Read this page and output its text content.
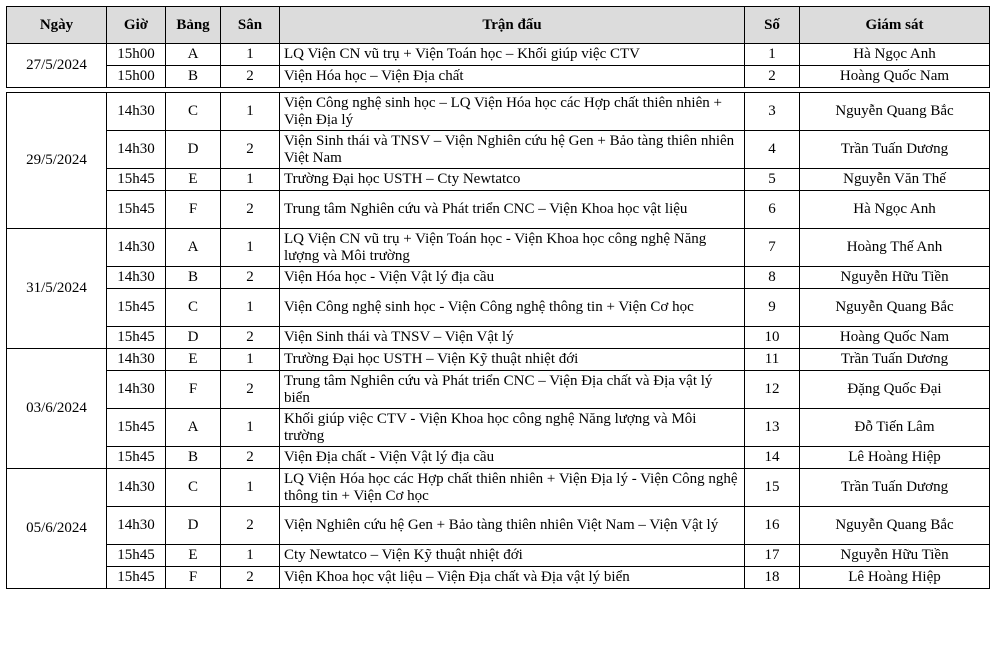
Ngày	Giờ	Bảng	Sân	Trận đấu	Số	Giám sát
27/5/2024	15h00	A	1	LQ Viện CN vũ trụ + Viện Toán học – Khối giúp việc CTV	1	Hà Ngọc Anh
	15h00	B	2	Viện Hóa học – Viện Địa chất	2	Hoàng Quốc Nam

29/5/2024	14h30	C	1	Viện Công nghệ sinh học – LQ Viện Hóa học các Hợp chất thiên nhiên + Viện Địa lý	3	Nguyễn Quang Bắc
	14h30	D	2	Viện Sinh thái và TNSV – Viện Nghiên cứu hệ Gen + Bảo tàng thiên nhiên Việt Nam	4	Trần Tuấn Dương
	15h45	E	1	Trường Đại học USTH – Cty Newtatco	5	Nguyễn Văn Thế
	15h45	F	2	Trung tâm Nghiên cứu và Phát triển CNC – Viện Khoa học vật liệu	6	Hà Ngọc Anh
31/5/2024	14h30	A	1	LQ Viện CN vũ trụ + Viện Toán học - Viện Khoa học công nghệ Năng lượng và Môi trường	7	Hoàng Thế Anh
	14h30	B	2	Viện Hóa học - Viện Vật lý địa cầu	8	Nguyễn Hữu Tiền
	15h45	C	1	Viện Công nghệ sinh học - Viện Công nghệ thông tin + Viện Cơ học	9	Nguyễn Quang Bắc
	15h45	D	2	Viện Sinh thái và TNSV – Viện Vật lý	10	Hoàng Quốc Nam
03/6/2024	14h30	E	1	Trường Đại học USTH – Viện Kỹ thuật nhiệt đới	11	Trần Tuấn Dương
	14h30	F	2	Trung tâm Nghiên cứu và Phát triển CNC – Viện Địa chất và Địa vật lý biển	12	Đặng Quốc Đại
	15h45	A	1	Khối giúp việc CTV - Viện Khoa học công nghệ Năng lượng và Môi trường	13	Đỗ Tiến Lâm
	15h45	B	2	Viện Địa chất - Viện Vật lý địa cầu	14	Lê Hoàng Hiệp
05/6/2024	14h30	C	1	LQ Viện Hóa học các Hợp chất thiên nhiên + Viện Địa lý - Viện Công nghệ thông tin + Viện Cơ học	15	Trần Tuấn Dương
	14h30	D	2	Viện Nghiên cứu hệ Gen + Bảo tàng thiên nhiên Việt Nam – Viện Vật lý	16	Nguyễn Quang Bắc
	15h45	E	1	Cty Newtatco – Viện Kỹ thuật nhiệt đới	17	Nguyễn Hữu Tiền
	15h45	F	2	Viện Khoa học vật liệu – Viện Địa chất và Địa vật lý biển	18	Lê Hoàng Hiệp
